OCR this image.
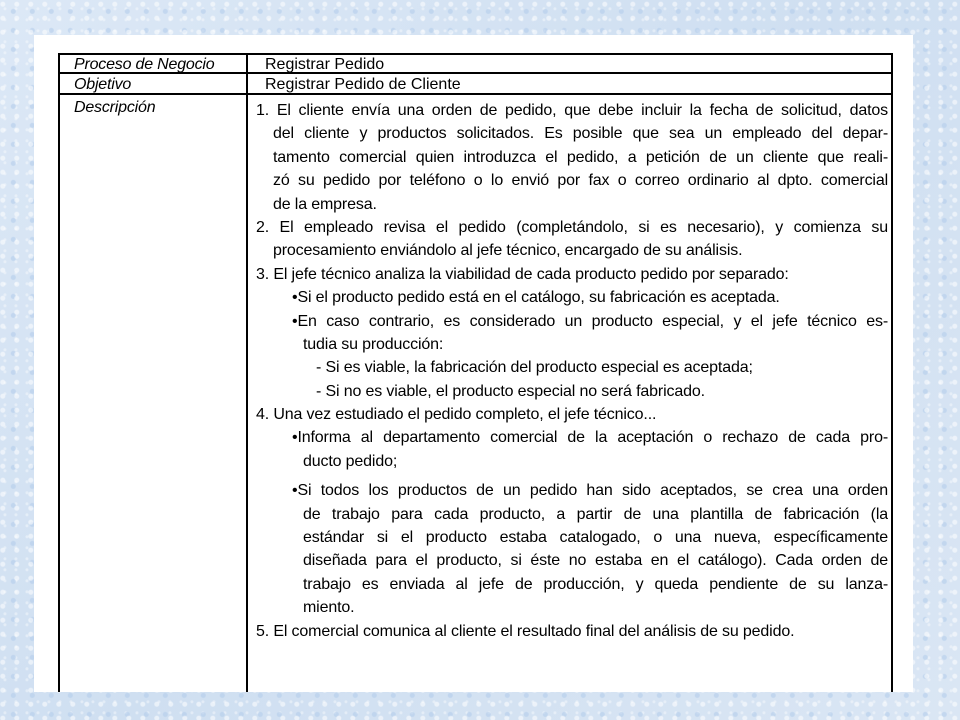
Proceso de Negocio	Registrar Pedido
Objetivo	Registrar Pedido de Cliente
Descripción	1. El cliente envía una orden de pedido, que debe incluir la fecha de solicitud, datos
del cliente y productos solicitados. Es posible que sea un empleado del depar-
tamento comercial quien introduzca el pedido, a petición de un cliente que reali-
zó su pedido por teléfono o lo envió por fax o correo ordinario al dpto. comercial
de la empresa.
2. El empleado revisa el pedido (completándolo, si es necesario), y comienza su
procesamiento enviándolo al jefe técnico, encargado de su análisis.
3. El jefe técnico analiza la viabilidad de cada producto pedido por separado:
•Si el producto pedido está en el catálogo, su fabricación es aceptada.
•En caso contrario, es considerado un producto especial, y el jefe técnico es-
tudia su producción:
- Si es viable, la fabricación del producto especial es aceptada;
- Si no es viable, el producto especial no será fabricado.
4. Una vez estudiado el pedido completo, el jefe técnico...
•Informa al departamento comercial de la aceptación o rechazo de cada pro-
ducto pedido;
•Si todos los productos de un pedido han sido aceptados, se crea una orden
de trabajo para cada producto, a partir de una plantilla de fabricación (la
estándar si el producto estaba catalogado, o una nueva, específicamente
diseñada para el producto, si éste no estaba en el catálogo). Cada orden de
trabajo es enviada al jefe de producción, y queda pendiente de su lanza-
miento.
5. El comercial comunica al cliente el resultado final del análisis de su pedido.
